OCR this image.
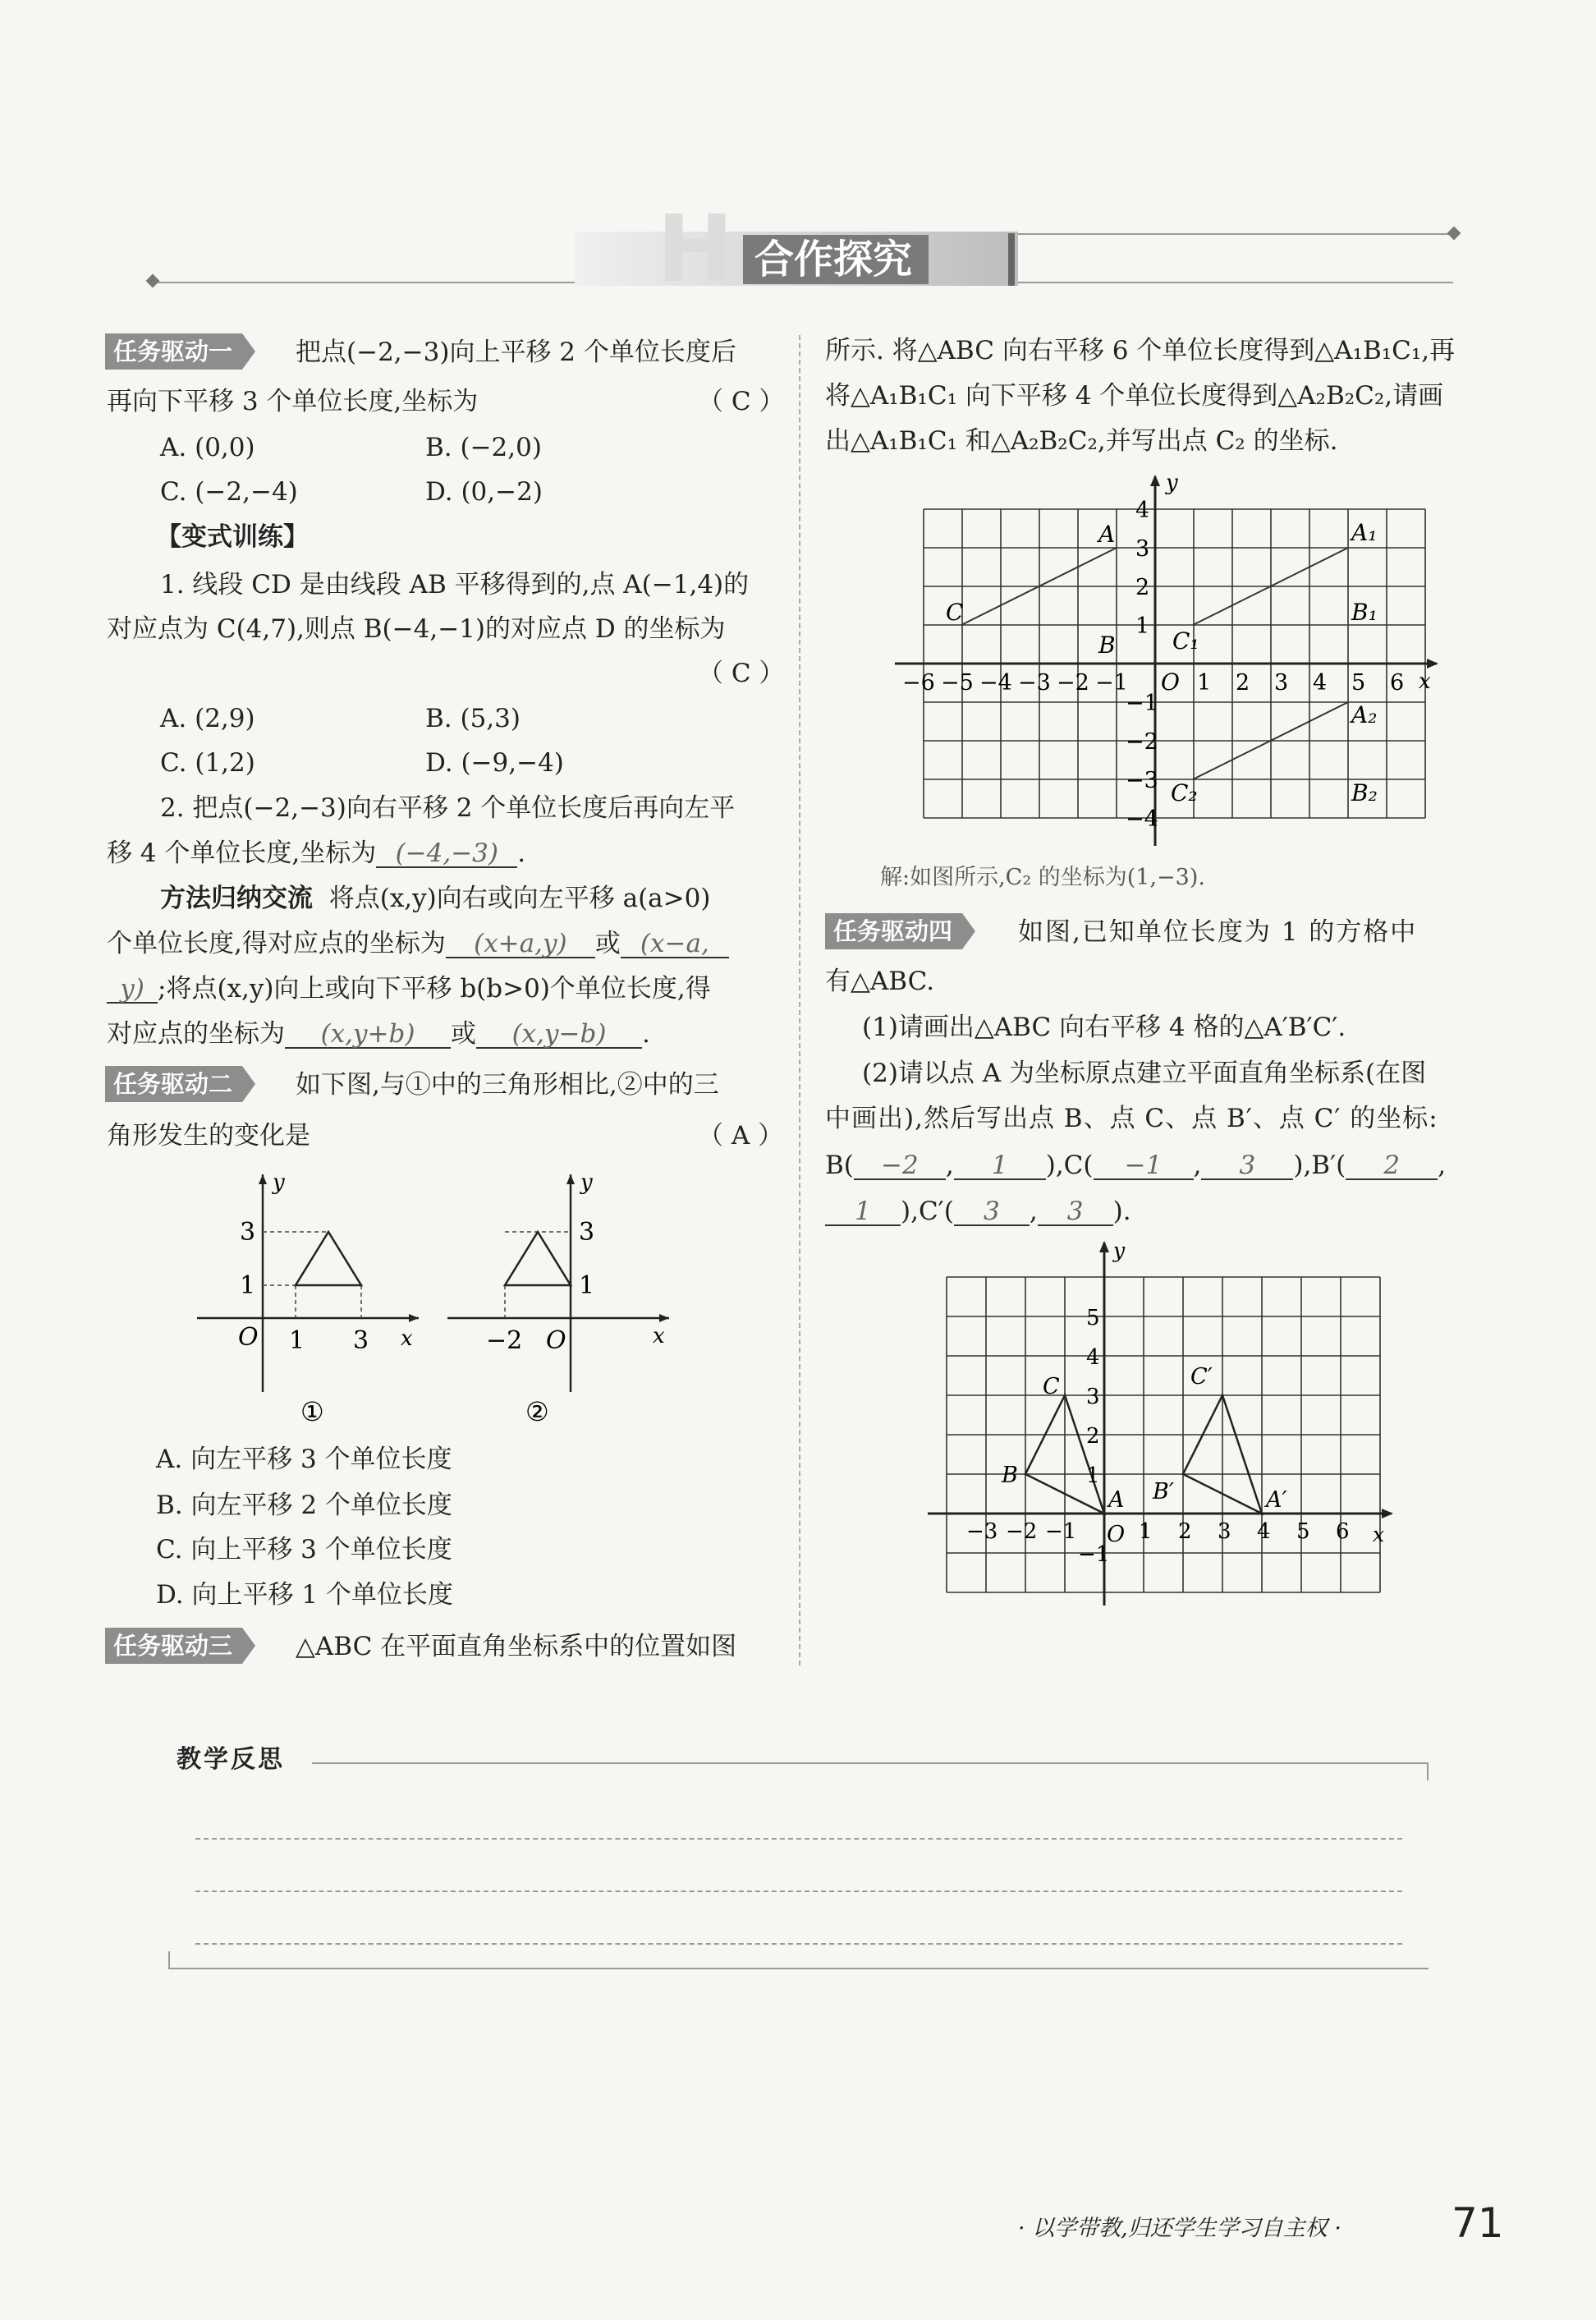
H 合作探究
任务驱动一	把点(−2,−3)向上平移 2 个单位长度后
再向下平移 3 个单位长度,坐标为	（ C ）
A. (0,0)	B. (−2,0)
C. (−2,−4)	D. (0,−2)
【变式训练】
1. 线段 CD 是由线段 AB 平移得到的,点 A(−1,4)的
对应点为 C(4,7),则点 B(−4,−1)的对应点 D 的坐标为
（ C ）
A. (2,9)	B. (5,3)
C. (1,2)	D. (−9,−4)
2. 把点(−2,−3)向右平移 2 个单位长度后再向左平
移 4 个单位长度,坐标为 (−4,−3) .
方法归纳交流 将点(x,y)向右或向左平移 a(a>0)
个单位长度,得对应点的坐标为 (x+a,y) 或 (x−a,
y) ;将点(x,y)向上或向下平移 b(b>0)个单位长度,得
对应点的坐标为 (x,y+b) 或 (x,y−b) .
任务驱动二	如下图,与①中的三角形相比,②中的三
角形发生的变化是	（ A ）
3
1
O 1 3 x
y
①
3
1
O
−2	x
y
②
A. 向左平移 3 个单位长度
B. 向左平移 2 个单位长度
C. 向上平移 3 个单位长度
D. 向上平移 1 个单位长度
任务驱动三	△ABC 在平面直角坐标系中的位置如图
所示. 将△ABC 向右平移 6 个单位长度得到△A₁B₁C₁,再
将△A₁B₁C₁ 向下平移 4 个单位长度得到△A₂B₂C₂,请画
出△A₁B₁C₁ 和△A₂B₂C₂,并写出点 C₂ 的坐标.
A
C
B
A₁
B₁
C₁
A₂
B₂
C₂
y
x
O
−6 −5 −4 −3 −2 −1	1 2 3 4 5 6
4
3
2
1
−1
−2
−3
−4
解:如图所示,C₂ 的坐标为(1,−3).
任务驱动四	如图,已知单位长度为 1 的方格中
有△ABC.
(1)请画出△ABC 向右平移 4 格的△A′B′C′.
(2)请以点 A 为坐标原点建立平面直角坐标系(在图
中画出),然后写出点 B、点 C、点 B′、点 C′ 的坐标:
B( −2 , 1 ),C( −1 , 3 ),B′( 2 ,
1 ),C′( 3 , 3 ).
A
B
C
A′
B′
C′
y
x
O
−3 −2 −1	1 2 3 4 5 6
5
4
3
2
1
−1
教学反思
· 以学带教,归还学生学习自主权 ·	71
